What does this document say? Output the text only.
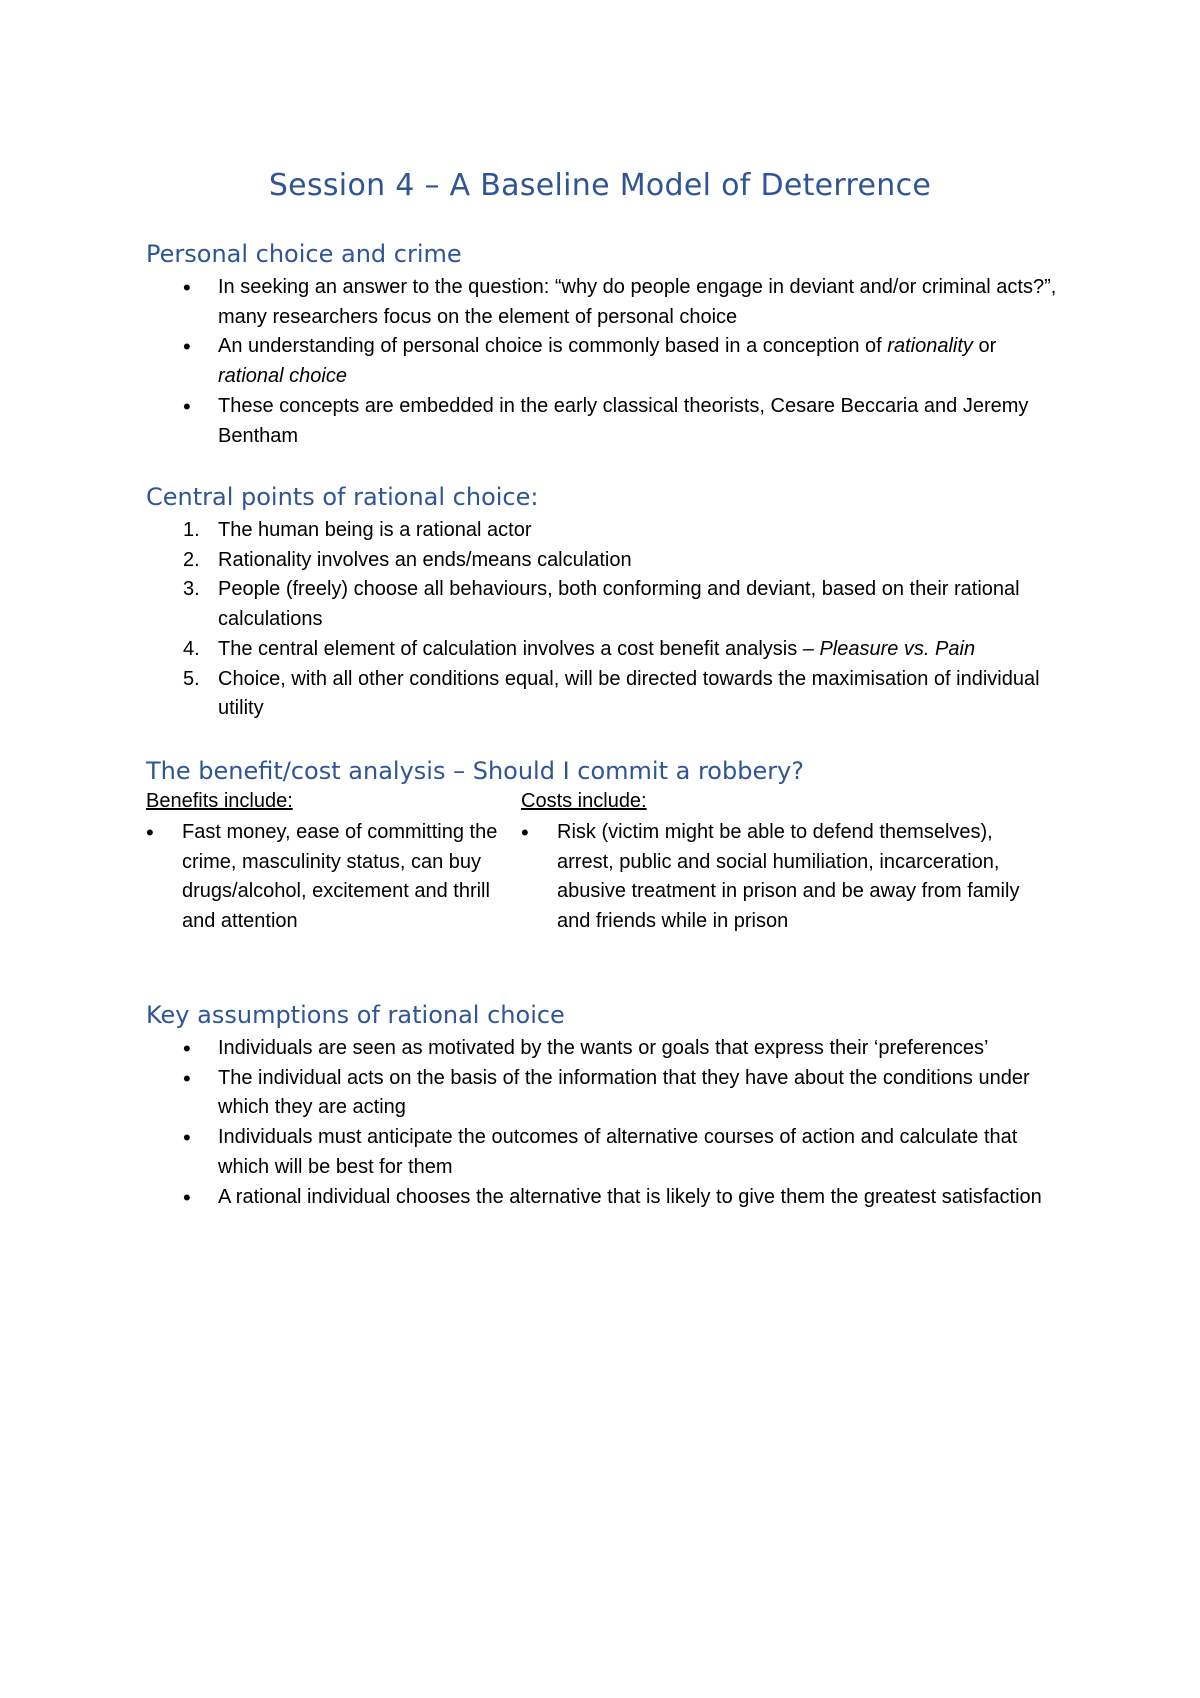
Session 4 – A Baseline Model of Deterrence
Personal choice and crime
• In seeking an answer to the question: “why do people engage in deviant and/or criminal acts?”, many researchers focus on the element of personal choice
• An understanding of personal choice is commonly based in a conception of rationality or rational choice
• These concepts are embedded in the early classical theorists, Cesare Beccaria and Jeremy Bentham
Central points of rational choice:
1. The human being is a rational actor
2. Rationality involves an ends/means calculation
3. People (freely) choose all behaviours, both conforming and deviant, based on their rational calculations
4. The central element of calculation involves a cost benefit analysis – Pleasure vs. Pain
5. Choice, with all other conditions equal, will be directed towards the maximisation of individual utility
The benefit/cost analysis – Should I commit a robbery?
Benefits include:
• Fast money, ease of committing the crime, masculinity status, can buy drugs/alcohol, excitement and thrill and attention
Costs include:
• Risk (victim might be able to defend themselves), arrest, public and social humiliation, incarceration, abusive treatment in prison and be away from family and friends while in prison
Key assumptions of rational choice
• Individuals are seen as motivated by the wants or goals that express their ‘preferences’
• The individual acts on the basis of the information that they have about the conditions under which they are acting
• Individuals must anticipate the outcomes of alternative courses of action and calculate that which will be best for them
• A rational individual chooses the alternative that is likely to give them the greatest satisfaction
